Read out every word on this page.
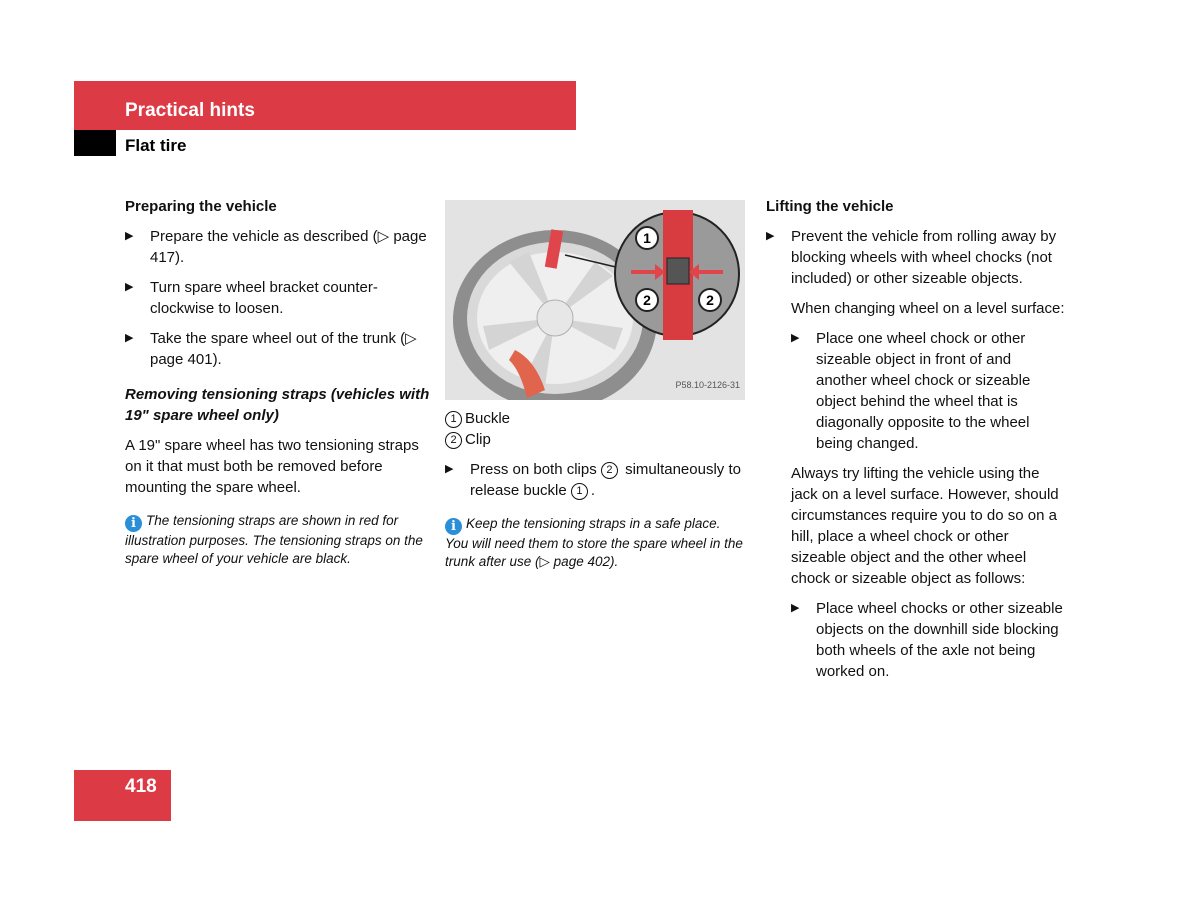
Practical hints
Flat tire
Preparing the vehicle
▶ Prepare the vehicle as described (▷ page 417).
▶ Turn spare wheel bracket counter-clockwise to loosen.
▶ Take the spare wheel out of the trunk (▷ page 401).
Removing tensioning straps (vehicles with 19" spare wheel only)

A 19" spare wheel has two tensioning straps on it that must both be removed before mounting the spare wheel.

i The tensioning straps are shown in red for illustration purposes. The tensioning straps on the spare wheel of your vehicle are black.
1
2	2
P58.10-2126-31
1 Buckle
2 Clip
▶ Press on both clips 2 simultaneously to release buckle 1 .
i Keep the tensioning straps in a safe place. You will need them to store the spare wheel in the trunk after use (▷ page 402).
Lifting the vehicle
▶ Prevent the vehicle from rolling away by blocking wheels with wheel chocks (not included) or other sizeable objects.

When changing wheel on a level surface:

▶ Place one wheel chock or other sizeable object in front of and another wheel chock or sizeable object behind the wheel that is diagonally opposite to the wheel being changed.

Always try lifting the vehicle using the jack on a level surface. However, should circumstances require you to do so on a hill, place a wheel chock or other sizeable object and the other wheel chock or sizeable object as follows:

▶ Place wheel chocks or other sizeable objects on the downhill side blocking both wheels of the axle not being worked on.
418
